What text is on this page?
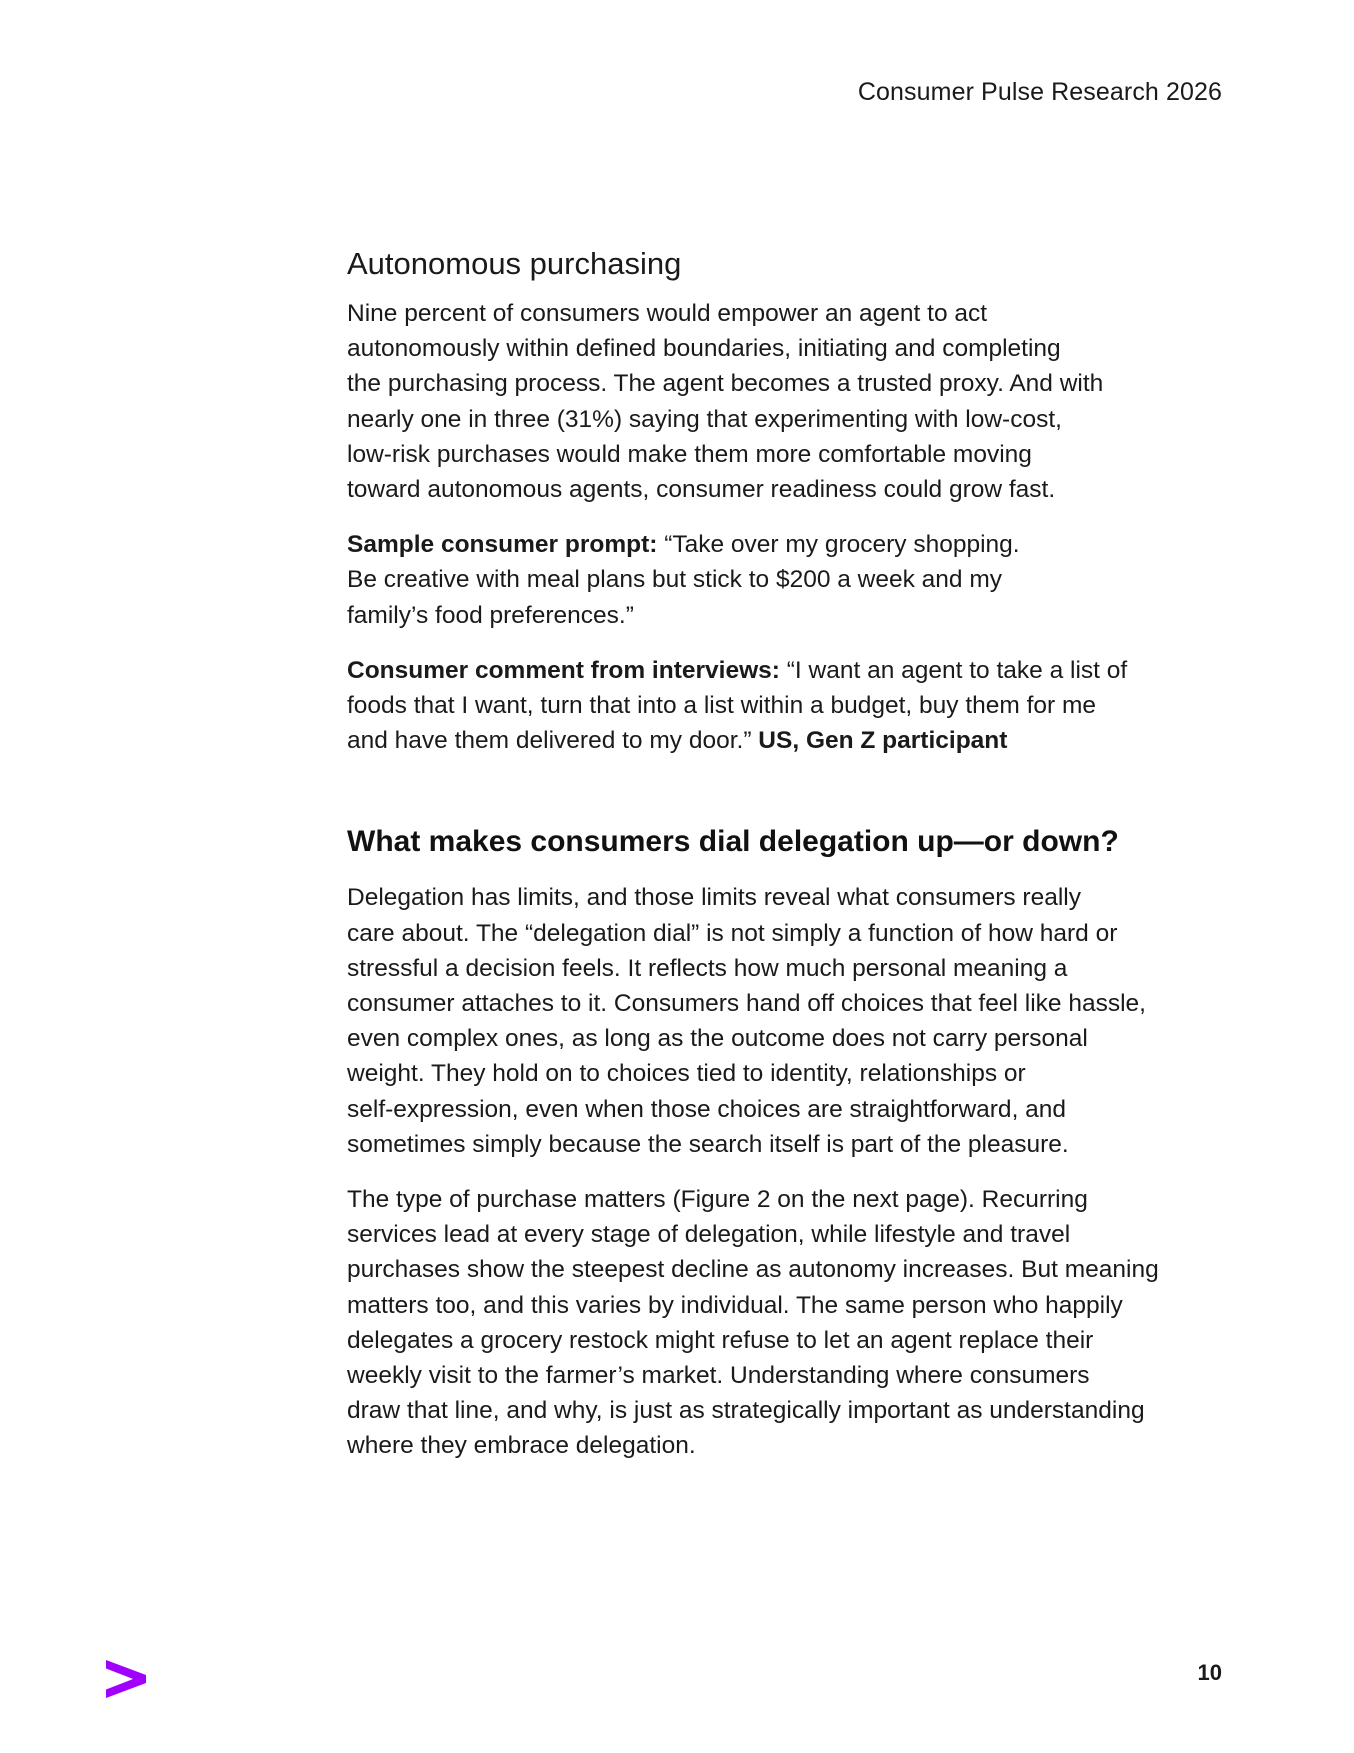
Consumer Pulse Research 2026
Autonomous purchasing

Nine percent of consumers would empower an agent to act
autonomously within defined boundaries, initiating and completing
the purchasing process. The agent becomes a trusted proxy. And with
nearly one in three (31%) saying that experimenting with low-cost,
low-risk purchases would make them more comfortable moving
toward autonomous agents, consumer readiness could grow fast.

Sample consumer prompt: “Take over my grocery shopping.
Be creative with meal plans but stick to $200 a week and my
family’s food preferences.”

Consumer comment from interviews: “I want an agent to take a list of
foods that I want, turn that into a list within a budget, buy them for me
and have them delivered to my door.” US, Gen Z participant

What makes consumers dial delegation up—or down?

Delegation has limits, and those limits reveal what consumers really
care about. The “delegation dial” is not simply a function of how hard or
stressful a decision feels. It reflects how much personal meaning a
consumer attaches to it. Consumers hand off choices that feel like hassle,
even complex ones, as long as the outcome does not carry personal
weight. They hold on to choices tied to identity, relationships or
self-expression, even when those choices are straightforward, and
sometimes simply because the search itself is part of the pleasure.

The type of purchase matters (Figure 2 on the next page). Recurring
services lead at every stage of delegation, while lifestyle and travel
purchases show the steepest decline as autonomy increases. But meaning
matters too, and this varies by individual. The same person who happily
delegates a grocery restock might refuse to let an agent replace their
weekly visit to the farmer’s market. Understanding where consumers
draw that line, and why, is just as strategically important as understanding
where they embrace delegation.

10
